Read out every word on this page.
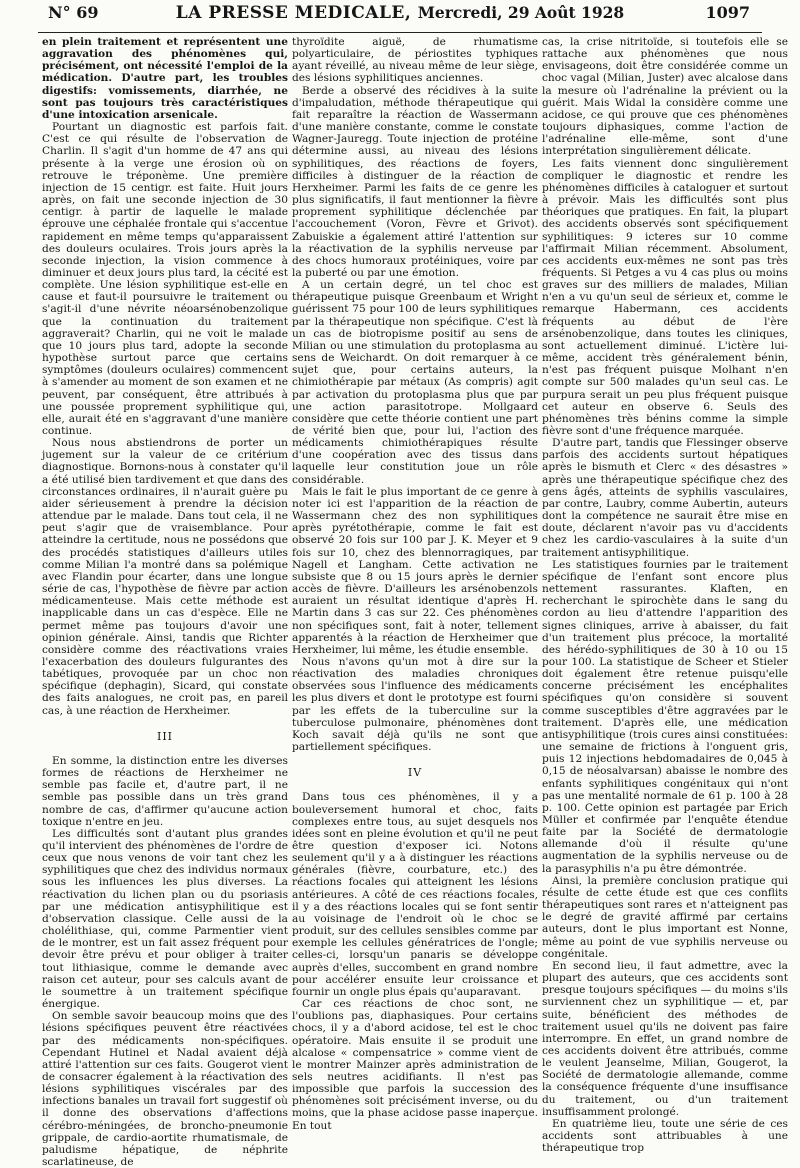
N° 69	LA PRESSE MEDICALE, Mercredi, 29 Août 1928	1097

en plein traitement et représentent une aggravation des phénomènes qui, précisément, ont nécessité l'emploi de la médication. D'autre part, les troubles digestifs: vomissements, diarrhée, ne sont pas toujours très caractéristiques d'une intoxication arsenicale.

Pourtant un diagnostic est parfois fait. C'est ce qui résulte de l'observation de Charlin. Il s'agit d'un homme de 47 ans qui présente à la verge une érosion où on retrouve le tréponème. Une première injection de 15 centigr. est faite. Huit jours après, on fait une seconde injection de 30 centigr. à partir de laquelle le malade éprouve une céphalée frontale qui s'accentue rapidement en même temps qu'apparaissent des douleurs oculaires. Trois jours après la seconde injection, la vision commence à diminuer et deux jours plus tard, la cécité est complète. Une lésion syphilitique est-elle en cause et faut-il poursuivre le traitement ou s'agit-il d'une névrite néoarsénobenzolique que la continuation du traitement aggraverait? Charlin, qui ne voit le malade que 10 jours plus tard, adopte la seconde hypothèse surtout parce que certains symptômes (douleurs oculaires) commencent à s'amender au moment de son examen et ne peuvent, par conséquent, être attribués à une poussée proprement syphilitique qui, elle, aurait été en s'aggravant d'une manière continue.

Nous nous abstiendrons de porter un jugement sur la valeur de ce critérium diagnostique. Bornons-nous à constater qu'il a été utilisé bien tardivement et que dans des circonstances ordinaires, il n'aurait guère pu aider sérieusement à prendre la décision attendue par le malade. Dans tout cela, il ne peut s'agir que de vraisemblance. Pour atteindre la certitude, nous ne possédons que des procédés statistiques d'ailleurs utiles comme Milian l'a montré dans sa polémique avec Flandin pour écarter, dans une longue série de cas, l'hypothèse de fièvre par action médicamenteuse. Mais cette méthode est inapplicable dans un cas d'espèce. Elle ne permet même pas toujours d'avoir une opinion générale. Ainsi, tandis que Richter considère comme des réactivations vraies l'exacerbation des douleurs fulgurantes des tabétiques, provoquée par un choc non spécifique (dephagin), Sicard, qui constate des faits analogues, ne croit pas, en pareil cas, à une réaction de Herxheimer.

III

En somme, la distinction entre les diverses formes de réactions de Herxheimer ne semble pas facile et, d'autre part, il ne semble pas possible dans un très grand nombre de cas, d'affirmer qu'aucune action toxique n'entre en jeu.

Les difficultés sont d'autant plus grandes qu'il intervient des phénomènes de l'ordre de ceux que nous venons de voir tant chez les syphilitiques que chez des individus normaux sous les influences les plus diverses. La réactivation du lichen plan ou du psoriasis par une médication antisyphilitique est d'observation classique. Celle aussi de la cholélithiase, qui, comme Parmentier vient de le montrer, est un fait assez fréquent pour devoir être prévu et pour obliger à traiter tout lithiasique, comme le demande avec raison cet auteur, pour ses calculs avant de le soumettre à un traitement spécifique énergique.

On semble savoir beaucoup moins que des lésions spécifiques peuvent être réactivées par des médicaments non-spécifiques. Cependant Hutinel et Nadal avaient déjà attiré l'attention sur ces faits. Gougerot vient de consacrer également à la réactivation des lésions syphilitiques viscérales par des infections banales un travail fort suggestif où il donne des observations d'affections cérébro-méningées, de broncho-pneumonie grippale, de cardio-aortite rhumatismale, de paludisme hépatique, de néphrite scarlatineuse, de

thyroïdite aiguë, de rhumatisme polyarticulaire, de périostites typhiques ayant réveillé, au niveau même de leur siège, des lésions syphilitiques anciennes.

Berde a observé des récidives à la suite d'impaludation, méthode thérapeutique qui fait reparaître la réaction de Wassermann d'une manière constante, comme le constate Wagner-Jauregg. Toute injection de protéine détermine aussi, au niveau des lésions syphilitiques, des réactions de foyers, difficiles à distinguer de la réaction de Herxheimer. Parmi les faits de ce genre les plus significatifs, il faut mentionner la fièvre proprement syphilitique déclenchée par l'accouchement (Voron, Fèvre et Grivot). Zabuiskie a également attiré l'attention sur la réactivation de la syphilis nerveuse par des chocs humoraux protéiniques, voire par la puberté ou par une émotion.

A un certain degré, un tel choc est thérapeutique puisque Greenbaum et Wright guérissent 75 pour 100 de leurs syphilitiques par la thérapeutique non spécifique. C'est là un cas de biotropisme positif au sens de Milian ou une stimulation du protoplasma au sens de Weichardt. On doit remarquer à ce sujet que, pour certains auteurs, la chimiothérapie par métaux (As compris) agit par activation du protoplasma plus que par une action parasitotrope. Mollgaard considère que cette théorie contient une part de vérité bien que, pour lui, l'action des médicaments chimiothérapiques résulte d'une coopération avec des tissus dans laquelle leur constitution joue un rôle considérable.

Mais le fait le plus important de ce genre à noter ici est l'apparition de la réaction de Wassermann chez des non syphilitiques après pyrétothérapie, comme le fait est observé 20 fois sur 100 par J. K. Meyer et 9 fois sur 10, chez des blennorragiques, par Nagell et Langham. Cette activation ne subsiste que 8 ou 15 jours après le dernier accès de fièvre. D'ailleurs les arsénobenzols auraient un résultat identique d'après H. Martin dans 3 cas sur 22. Ces phénomènes non spécifiques sont, fait à noter, tellement apparentés à la réaction de Herxheimer que Herxheimer, lui même, les étudie ensemble.

Nous n'avons qu'un mot à dire sur la réactivation des maladies chroniques observées sous l'influence des médicaments les plus divers et dont le prototype est fourni par les effets de la tuberculine sur la tuberculose pulmonaire, phénomènes dont Koch savait déjà qu'ils ne sont que partiellement spécifiques.

IV

Dans tous ces phénomènes, il y a bouleversement humoral et choc, faits complexes entre tous, au sujet desquels nos idées sont en pleine évolution et qu'il ne peut être question d'exposer ici. Notons seulement qu'il y a à distinguer les réactions générales (fièvre, courbature, etc.) des réactions focales qui atteignent les lésions antérieures. A côté de ces réactions focales, il y a des réactions locales qui se font sentir au voisinage de l'endroit où le choc se produit, sur des cellules sensibles comme par exemple les cellules génératrices de l'ongle; celles-ci, lorsqu'un panaris se développe auprès d'elles, succombent en grand nombre pour accélérer ensuite leur croissance et fournir un ongle plus épais qu'auparavant.

Car ces réactions de choc sont, ne l'oublions pas, diaphasiques. Pour certains chocs, il y a d'abord acidose, tel est le choc opératoire. Mais ensuite il se produit une alcalose « compensatrice » comme vient de le montrer Mainzer après administration de sels neutres acidifiants. Il n'est pas impossible que parfois la succession des phénomènes soit précisément inverse, ou du moins, que la phase acidose passe inaperçue. En tout

cas, la crise nitritoïde, si toutefois elle se rattache aux phénomènes que nous envisageons, doit être considérée comme un choc vagal (Milian, Juster) avec alcalose dans la mesure où l'adrénaline la prévient ou la guérit. Mais Widal la considère comme une acidose, ce qui prouve que ces phénomènes toujours diphasiques, comme l'action de l'adrénaline elle-même, sont d'une interprétation singulièrement délicate.

Les faits viennent donc singulièrement compliquer le diagnostic et rendre les phénomènes difficiles à cataloguer et surtout à prévoir. Mais les difficultés sont plus théoriques que pratiques. En fait, la plupart des accidents observés sont spécifiquement syphilitiques: 9 icteres sur 10 comme l'affirmait Milian récemment. Absolument, ces accidents eux-mêmes ne sont pas très fréquents. Si Petges a vu 4 cas plus ou moins graves sur des milliers de malades, Milian n'en a vu qu'un seul de sérieux et, comme le remarque Habermann, ces accidents fréquents au début de l'ère arsénobenzolique, dans toutes les cliniques, sont actuellement diminué. L'ictère lui-même, accident très généralement bénin, n'est pas fréquent puisque Molhant n'en compte sur 500 malades qu'un seul cas. Le purpura serait un peu plus fréquent puisque cet auteur en observe 6. Seuls des phénomènes très bénins comme la simple fièvre sont d'une fréquence marquée.

D'autre part, tandis que Flessinger observe parfois des accidents surtout hépatiques après le bismuth et Clerc « des désastres » après une thérapeutique spécifique chez des gens âgés, atteints de syphilis vasculaires, par contre, Laubry, comme Aubertin, auteurs dont la compétence ne saurait être mise en doute, déclarent n'avoir pas vu d'accidents chez les cardio-vasculaires à la suite d'un traitement antisyphilitique.

Les statistiques fournies par le traitement spécifique de l'enfant sont encore plus nettement rassurantes. Klaften, en recherchant le spirochète dans le sang du cordon au lieu d'attendre l'apparition des signes cliniques, arrive à abaisser, du fait d'un traitement plus précoce, la mortalité des hérédo-syphilitiques de 30 à 10 ou 15 pour 100. La statistique de Scheer et Stieler doit également être retenue puisqu'elle concerne précisément les encéphalites spécifiques qu'on considère si souvent comme susceptibles d'être aggravées par le traitement. D'après elle, une médication antisyphilitique (trois cures ainsi constituées: une semaine de frictions à l'onguent gris, puis 12 injections hebdomadaires de 0,045 à 0,15 de néosalvarsan) abaisse le nombre des enfants syphilitiques congénitaux qui n'ont pas une mentalité normale de 61 p. 100 à 28 p. 100. Cette opinion est partagée par Erich Müller et confirmée par l'enquête étendue faite par la Société de dermatologie allemande d'où il résulte qu'une augmentation de la syphilis nerveuse ou de la parasyphilis n'a pu être démontrée.

Ainsi, la première conclusion pratique qui résulte de cette étude est que ces conflits thérapeutiques sont rares et n'atteignent pas le degré de gravité affirmé par certains auteurs, dont le plus important est Nonne, même au point de vue syphilis nerveuse ou congénitale.

En second lieu, il faut admettre, avec la plupart des auteurs, que ces accidents sont presque toujours spécifiques — du moins s'ils surviennent chez un syphilitique — et, par suite, bénéficient des méthodes de traitement usuel qu'ils ne doivent pas faire interrompre. En effet, un grand nombre de ces accidents doivent être attribués, comme le veulent Jeanselme, Milian, Gougerot, la Société de dermatologie allemande, comme la conséquence fréquente d'une insuffisance du traitement, ou d'un traitement insuffisamment prolongé.

En quatrième lieu, toute une série de ces accidents sont attribuables à une thérapeutique trop
